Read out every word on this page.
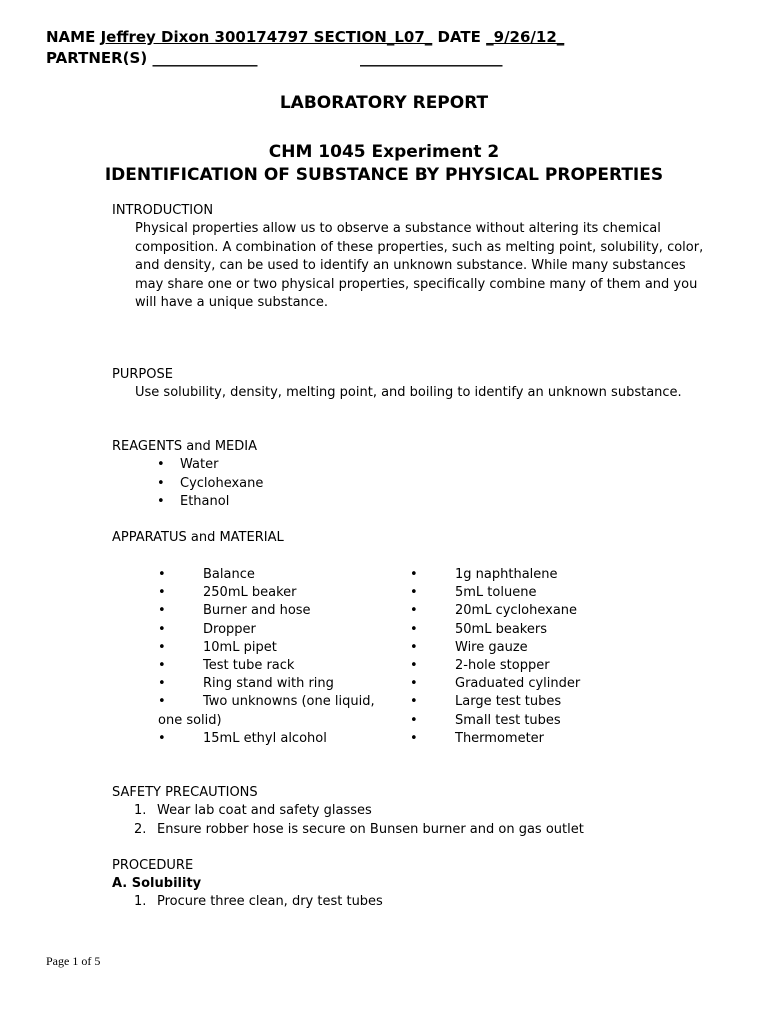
NAME Jeffrey Dixon 300174797 SECTION_L07_ DATE _9/26/12_
PARTNER(S) ______________	___________________
LABORATORY REPORT
CHM 1045 Experiment 2
IDENTIFICATION OF SUBSTANCE BY PHYSICAL PROPERTIES
INTRODUCTION
Physical properties allow us to observe a substance without altering its chemical
composition. A combination of these properties, such as melting point, solubility, color,
and density, can be used to identify an unknown substance. While many substances
may share one or two physical properties, specifically combine many of them and you
will have a unique substance.
PURPOSE
Use solubility, density, melting point, and boiling to identify an unknown substance.
REAGENTS and MEDIA
• Water
• Cyclohexane
• Ethanol
APPARATUS and MATERIAL
•	Balance
•	250mL beaker
•	Burner and hose
•	Dropper
•	10mL pipet
•	Test tube rack
•	Ring stand with ring
•	Two unknowns (one liquid,
one solid)
•	15mL ethyl alcohol
•	1g naphthalene
•	5mL toluene
•	20mL cyclohexane
•	50mL beakers
•	Wire gauze
•	2-hole stopper
•	Graduated cylinder
•	Large test tubes
•	Small test tubes
•	Thermometer
SAFETY PRECAUTIONS
1. Wear lab coat and safety glasses
2. Ensure robber hose is secure on Bunsen burner and on gas outlet
PROCEDURE
A. Solubility
1. Procure three clean, dry test tubes
Page 1 of 5
